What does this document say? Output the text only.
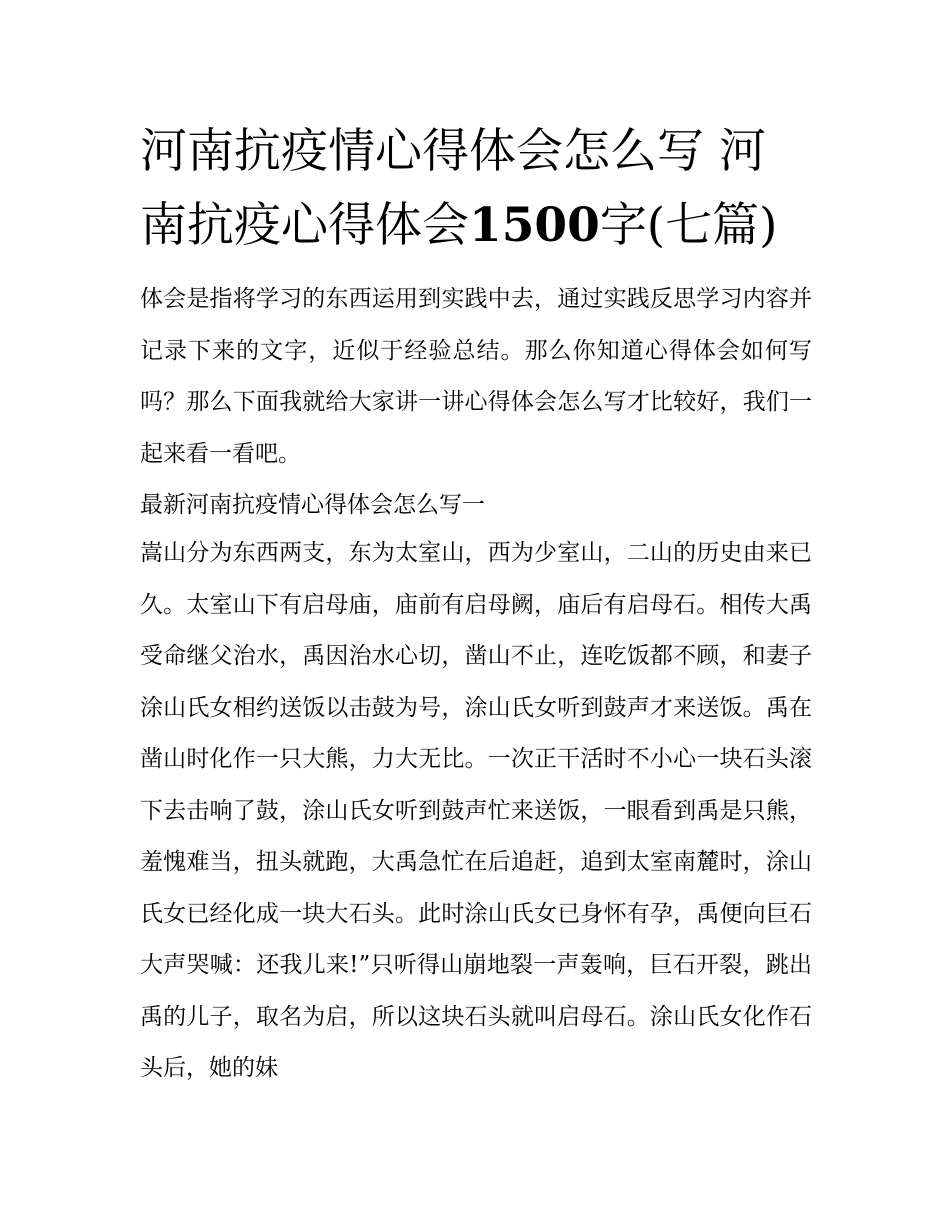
河南抗疫情心得体会怎么写 河南抗疫心得体会1500字(七篇)

体会是指将学习的东西运用到实践中去，通过实践反思学习内容并记录下来的文字，近似于经验总结。那么你知道心得体会如何写吗？那么下面我就给大家讲一讲心得体会怎么写才比较好，我们一起来看一看吧。

最新河南抗疫情心得体会怎么写一

嵩山分为东西两支，东为太室山，西为少室山，二山的历史由来已久。太室山下有启母庙，庙前有启母阙，庙后有启母石。相传大禹受命继父治水，禹因治水心切，凿山不止，连吃饭都不顾，和妻子涂山氏女相约送饭以击鼓为号，涂山氏女听到鼓声才来送饭。禹在凿山时化作一只大熊，力大无比。一次正干活时不小心一块石头滚下去击响了鼓，涂山氏女听到鼓声忙来送饭，一眼看到禹是只熊，羞愧难当，扭头就跑，大禹急忙在后追赶，追到太室南麓时，涂山氏女已经化成一块大石头。此时涂山氏女已身怀有孕，禹便向巨石大声哭喊：还我儿来!”只听得山崩地裂一声轰响，巨石开裂，跳出禹的儿子，取名为启，所以这块石头就叫启母石。涂山氏女化作石头后，她的妹
